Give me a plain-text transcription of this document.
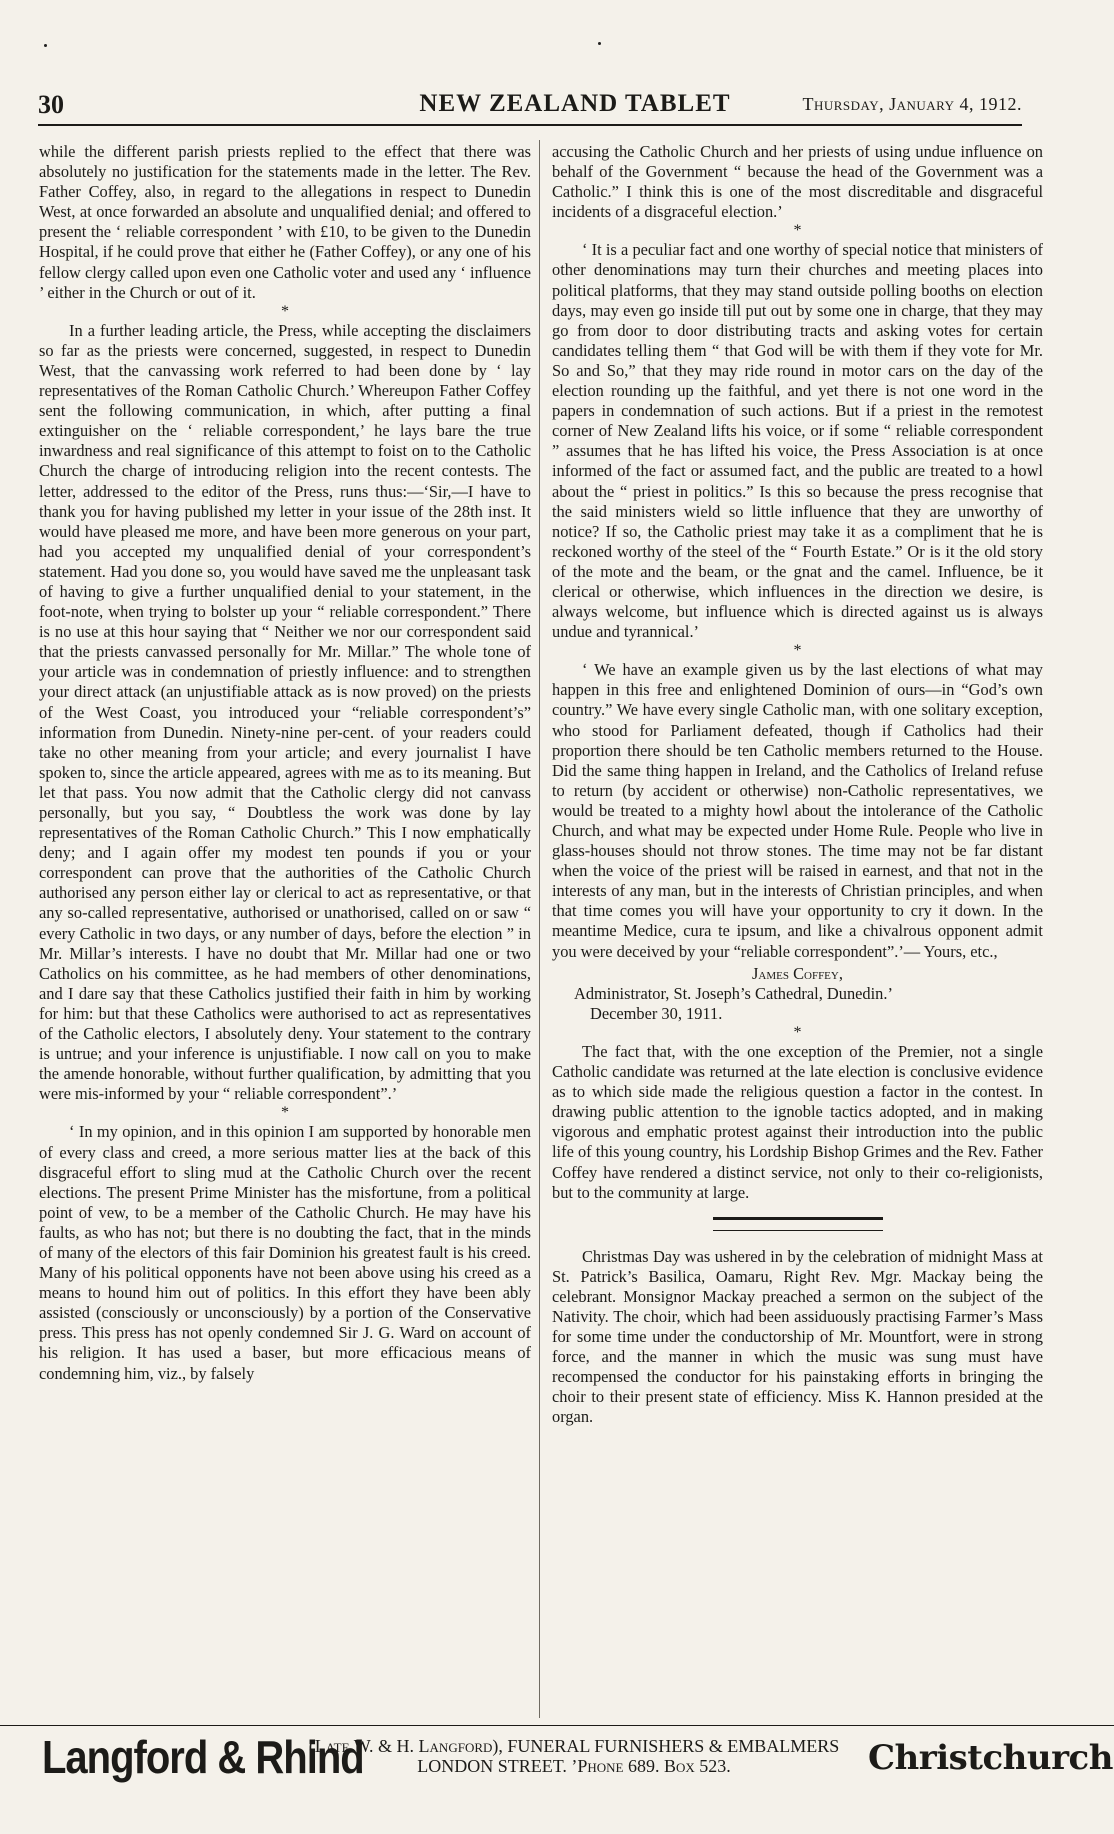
30	NEW ZEALAND TABLET	Thursday, January 4, 1912.

while the different parish priests replied to the effect that there was absolutely no justification for the statements made in the letter. The Rev. Father Coffey, also, in regard to the allegations in respect to Dunedin West, at once forwarded an absolute and unqualified denial; and offered to present the ‘ reliable correspondent ’ with £10, to be given to the Dunedin Hospital, if he could prove that either he (Father Coffey), or any one of his fellow clergy called upon even one Catholic voter and used any ‘ influence ’ either in the Church or out of it.

*

In a further leading article, the Press, while accepting the disclaimers so far as the priests were concerned, suggested, in respect to Dunedin West, that the canvassing work referred to had been done by ‘ lay representatives of the Roman Catholic Church.’ Whereupon Father Coffey sent the following communication, in which, after putting a final extinguisher on the ‘ reliable correspondent,’ he lays bare the true inwardness and real significance of this attempt to foist on to the Catholic Church the charge of introducing religion into the recent contests. The letter, addressed to the editor of the Press, runs thus:—‘Sir,—I have to thank you for having published my letter in your issue of the 28th inst. It would have pleased me more, and have been more generous on your part, had you accepted my unqualified denial of your correspondent’s statement. Had you done so, you would have saved me the unpleasant task of having to give a further unqualified denial to your statement, in the foot-note, when trying to bolster up your “ reliable correspondent.” There is no use at this hour saying that “ Neither we nor our correspondent said that the priests canvassed personally for Mr. Millar.” The whole tone of your article was in condemnation of priestly influence: and to strengthen your direct attack (an unjustifiable attack as is now proved) on the priests of the West Coast, you introduced your “reliable correspondent’s” information from Dunedin. Ninety-nine per-cent. of your readers could take no other meaning from your article; and every journalist I have spoken to, since the article appeared, agrees with me as to its meaning. But let that pass. You now admit that the Catholic clergy did not canvass personally, but you say, “ Doubtless the work was done by lay representatives of the Roman Catholic Church.” This I now emphatically deny; and I again offer my modest ten pounds if you or your correspondent can prove that the authorities of the Catholic Church authorised any person either lay or clerical to act as representative, or that any so-called representative, authorised or unathorised, called on or saw “ every Catholic in two days, or any number of days, before the election ” in Mr. Millar’s interests. I have no doubt that Mr. Millar had one or two Catholics on his committee, as he had members of other denominations, and I dare say that these Catholics justified their faith in him by working for him: but that these Catholics were authorised to act as representatives of the Catholic electors, I absolutely deny. Your statement to the contrary is untrue; and your inference is unjustifiable. I now call on you to make the amende honorable, without further qualification, by admitting that you were mis-informed by your “ reliable correspondent”.’

*

‘ In my opinion, and in this opinion I am supported by honorable men of every class and creed, a more serious matter lies at the back of this disgraceful effort to sling mud at the Catholic Church over the recent elections. The present Prime Minister has the misfortune, from a political point of vew, to be a member of the Catholic Church. He may have his faults, as who has not; but there is no doubting the fact, that in the minds of many of the electors of this fair Dominion his greatest fault is his creed. Many of his political opponents have not been above using his creed as a means to hound him out of politics. In this effort they have been ably assisted (consciously or unconsciously) by a portion of the Conservative press. This press has not openly condemned Sir J. G. Ward on account of his religion. It has used a baser, but more efficacious means of condemning him, viz., by falsely

accusing the Catholic Church and her priests of using undue influence on behalf of the Government “ because the head of the Government was a Catholic.” I think this is one of the most discreditable and disgraceful incidents of a disgraceful election.’

*

‘ It is a peculiar fact and one worthy of special notice that ministers of other denominations may turn their churches and meeting places into political platforms, that they may stand outside polling booths on election days, may even go inside till put out by some one in charge, that they may go from door to door distributing tracts and asking votes for certain candidates telling them “ that God will be with them if they vote for Mr. So and So,” that they may ride round in motor cars on the day of the election rounding up the faithful, and yet there is not one word in the papers in condemnation of such actions. But if a priest in the remotest corner of New Zealand lifts his voice, or if some “ reliable correspondent ” assumes that he has lifted his voice, the Press Association is at once informed of the fact or assumed fact, and the public are treated to a howl about the “ priest in politics.” Is this so because the press recognise that the said ministers wield so little influence that they are unworthy of notice? If so, the Catholic priest may take it as a compliment that he is reckoned worthy of the steel of the “ Fourth Estate.” Or is it the old story of the mote and the beam, or the gnat and the camel. Influence, be it clerical or otherwise, which influences in the direction we desire, is always welcome, but influence which is directed against us is always undue and tyrannical.’

*

‘ We have an example given us by the last elections of what may happen in this free and enlightened Dominion of ours—in “God’s own country.” We have every single Catholic man, with one solitary exception, who stood for Parliament defeated, though if Catholics had their proportion there should be ten Catholic members returned to the House. Did the same thing happen in Ireland, and the Catholics of Ireland refuse to return (by accident or otherwise) non-Catholic representatives, we would be treated to a mighty howl about the intolerance of the Catholic Church, and what may be expected under Home Rule. People who live in glass-houses should not throw stones. The time may not be far distant when the voice of the priest will be raised in earnest, and that not in the interests of any man, but in the interests of Christian principles, and when that time comes you will have your opportunity to cry it down. In the meantime Medice, cura te ipsum, and like a chivalrous opponent admit you were deceived by your “reliable correspondent”.’— Yours, etc.,

James Coffey,

Administrator, St. Joseph’s Cathedral, Dunedin.’

December 30, 1911.

*

The fact that, with the one exception of the Premier, not a single Catholic candidate was returned at the late election is conclusive evidence as to which side made the religious question a factor in the contest. In drawing public attention to the ignoble tactics adopted, and in making vigorous and emphatic protest against their introduction into the public life of this young country, his Lordship Bishop Grimes and the Rev. Father Coffey have rendered a distinct service, not only to their co-religionists, but to the community at large.

Christmas Day was ushered in by the celebration of midnight Mass at St. Patrick’s Basilica, Oamaru, Right Rev. Mgr. Mackay being the celebrant. Monsignor Mackay preached a sermon on the subject of the Nativity. The choir, which had been assiduously practising Farmer’s Mass for some time under the conductorship of Mr. Mountfort, were in strong force, and the manner in which the music was sung must have recompensed the conductor for his painstaking efforts in bringing the choir to their present state of efficiency. Miss K. Hannon presided at the organ.

Langford & Rhind
(Late W. & H. Langford), FUNERAL FURNISHERS & EMBALMERS
LONDON STREET. ’Phone 689. Box 523.	Christchurch
